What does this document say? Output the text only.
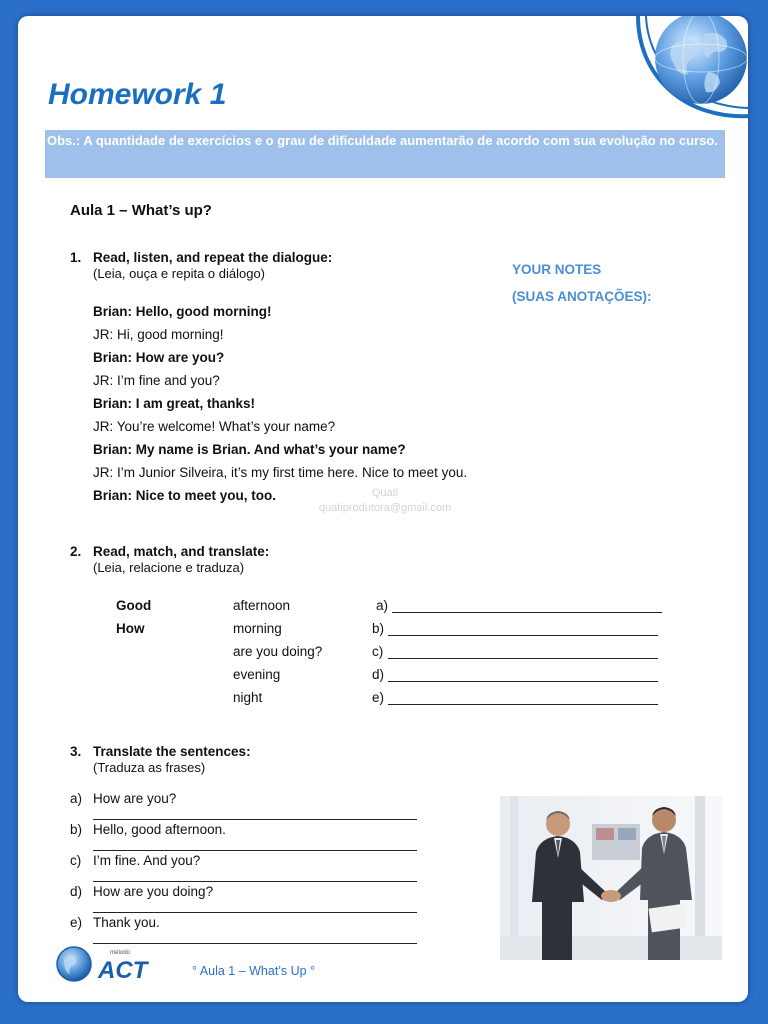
Homework 1
Obs.: A quantidade de exercícios e o grau de dificuldade aumentarão de acordo com sua evolução no curso.
Aula 1 – What’s up?
1. Read, listen, and repeat the dialogue:
(Leia, ouça e repita o diálogo)
Brian: Hello, good morning!
JR: Hi, good morning!
Brian: How are you?
JR: I’m fine and you?
Brian: I am great, thanks!
JR: You’re welcome! What’s your name?
Brian: My name is Brian. And what’s your name?
JR: I’m Junior Silveira, it’s my first time here. Nice to meet you.
Brian: Nice to meet you, too.
YOUR NOTES
(SUAS ANOTAÇÕES):
Quati
quatiprodutora@gmail.com
2. Read, match, and translate:
(Leia, relacione e traduza)
Good
How
afternoon
morning
are you doing?
evening
night
a)
b)
c)
d)
e)
3. Translate the sentences:
(Traduza as frases)
a) How are you?
b) Hello, good afternoon.
c) I’m fine. And you?
d) How are you doing?
e) Thank you.
método
ACT	° Aula 1 – What’s Up °
